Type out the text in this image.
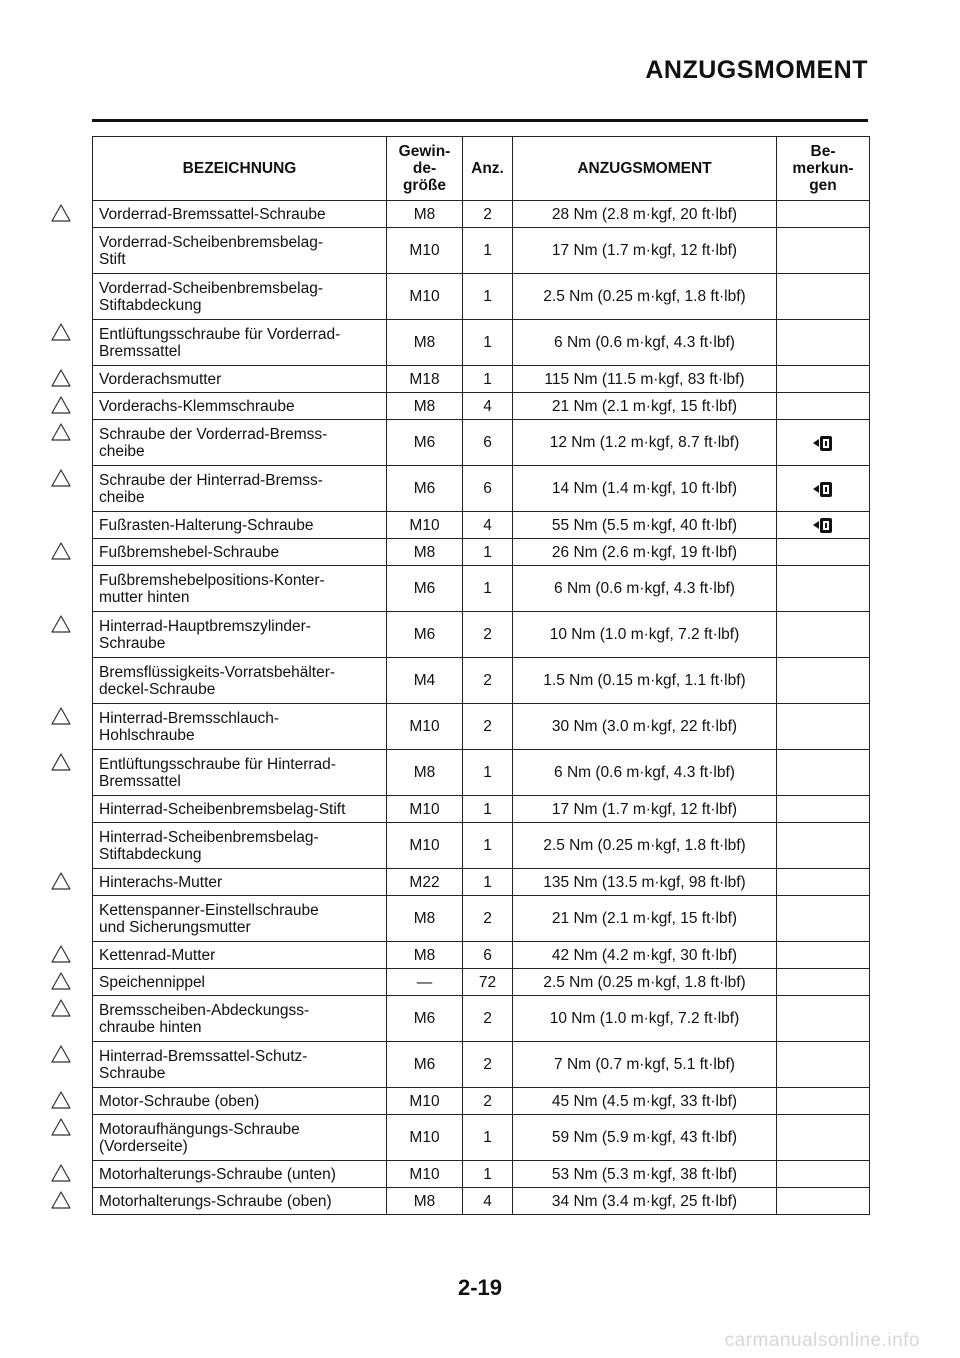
ANZUGSMOMENT
BEZEICHNUNG	Gewin-
de-
größe	Anz.	ANZUGSMOMENT	Be-
merkun-
gen

Vorderrad-Bremssattel-Schraube	M8	2	28 Nm (2.8 m·kgf, 20 ft·lbf)	
Vorderrad-Scheibenbremsbelag-
Stift	M10	1	17 Nm (1.7 m·kgf, 12 ft·lbf)	
Vorderrad-Scheibenbremsbelag-
Stiftabdeckung	M10	1	2.5 Nm (0.25 m·kgf, 1.8 ft·lbf)	

Entlüftungsschraube für Vorderrad-
Bremssattel	M8	1	6 Nm (0.6 m·kgf, 4.3 ft·lbf)	

Vorderachsmutter	M18	1	115 Nm (11.5 m·kgf, 83 ft·lbf)	

Vorderachs-Klemmschraube	M8	4	21 Nm (2.1 m·kgf, 15 ft·lbf)	

Schraube der Vorderrad-Bremss-
cheibe	M6	6	12 Nm (1.2 m·kgf, 8.7 ft·lbf)	

Schraube der Hinterrad-Bremss-
cheibe	M6	6	14 Nm (1.4 m·kgf, 10 ft·lbf)	
Fußrasten-Halterung-Schraube	M10	4	55 Nm (5.5 m·kgf, 40 ft·lbf)	

Fußbremshebel-Schraube	M8	1	26 Nm (2.6 m·kgf, 19 ft·lbf)	
Fußbremshebelpositions-Konter-
mutter hinten	M6	1	6 Nm (0.6 m·kgf, 4.3 ft·lbf)	

Hinterrad-Hauptbremszylinder-
Schraube	M6	2	10 Nm (1.0 m·kgf, 7.2 ft·lbf)	
Bremsflüssigkeits-Vorratsbehälter-
deckel-Schraube	M4	2	1.5 Nm (0.15 m·kgf, 1.1 ft·lbf)	

Hinterrad-Bremsschlauch-
Hohlschraube	M10	2	30 Nm (3.0 m·kgf, 22 ft·lbf)	

Entlüftungsschraube für Hinterrad-
Bremssattel	M8	1	6 Nm (0.6 m·kgf, 4.3 ft·lbf)	
Hinterrad-Scheibenbremsbelag-Stift	M10	1	17 Nm (1.7 m·kgf, 12 ft·lbf)	
Hinterrad-Scheibenbremsbelag-
Stiftabdeckung	M10	1	2.5 Nm (0.25 m·kgf, 1.8 ft·lbf)	

Hinterachs-Mutter	M22	1	135 Nm (13.5 m·kgf, 98 ft·lbf)	
Kettenspanner-Einstellschraube
und Sicherungsmutter	M8	2	21 Nm (2.1 m·kgf, 15 ft·lbf)	

Kettenrad-Mutter	M8	6	42 Nm (4.2 m·kgf, 30 ft·lbf)	

Speichennippel	—	72	2.5 Nm (0.25 m·kgf, 1.8 ft·lbf)	

Bremsscheiben-Abdeckungss-
chraube hinten	M6	2	10 Nm (1.0 m·kgf, 7.2 ft·lbf)	

Hinterrad-Bremssattel-Schutz-
Schraube	M6	2	7 Nm (0.7 m·kgf, 5.1 ft·lbf)	

Motor-Schraube (oben)	M10	2	45 Nm (4.5 m·kgf, 33 ft·lbf)	

Motoraufhängungs-Schraube
(Vorderseite)	M10	1	59 Nm (5.9 m·kgf, 43 ft·lbf)	

Motorhalterungs-Schraube (unten)	M10	1	53 Nm (5.3 m·kgf, 38 ft·lbf)	

Motorhalterungs-Schraube (oben)	M8	4	34 Nm (3.4 m·kgf, 25 ft·lbf)	
2-19
carmanualsonline.info
